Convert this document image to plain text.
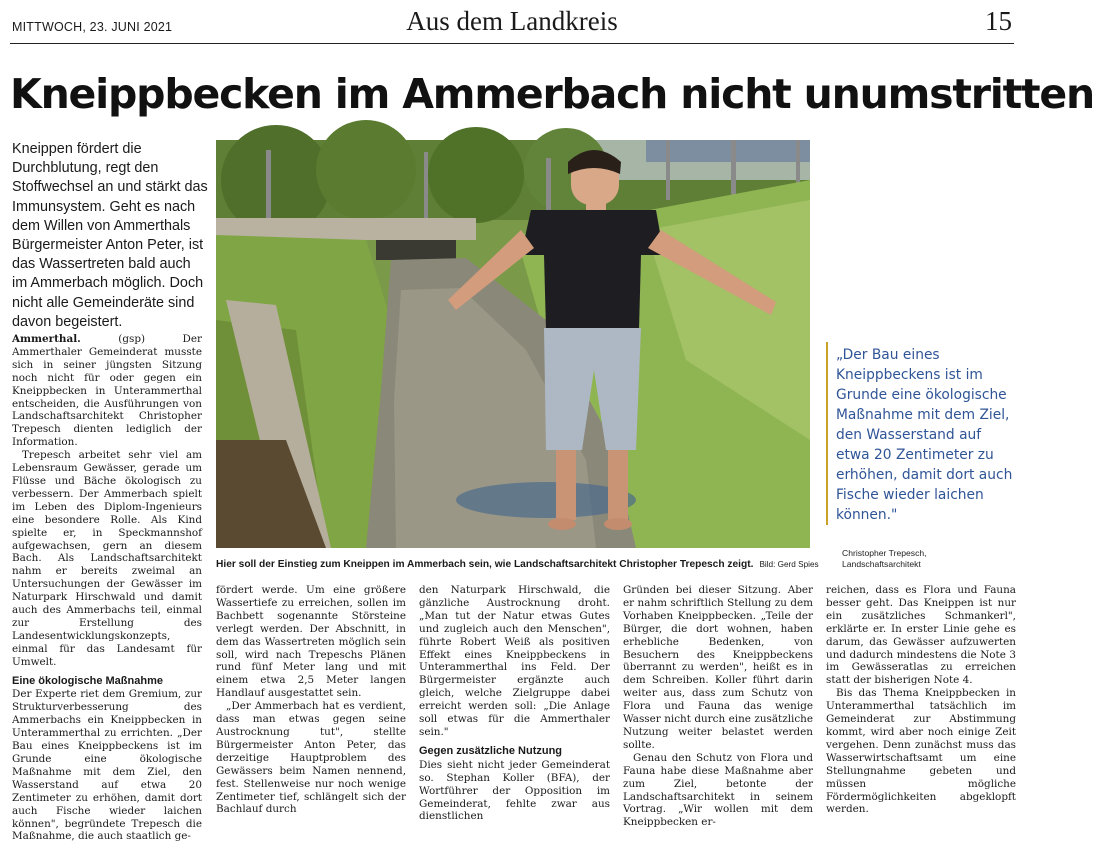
MITTWOCH, 23. JUNI 2021	Aus dem Landkreis	15
Kneippbecken im Ammerbach nicht unumstritten
Kneippen fördert die Durchblutung, regt den Stoffwechsel an und stärkt das Immunsystem. Geht es nach dem Willen von Ammerthals Bürgermeister Anton Peter, ist das Wassertreten bald auch im Ammerbach möglich. Doch nicht alle Gemeinderäte sind davon begeistert.
Hier soll der Einstieg zum Kneippen im Ammerbach sein, wie Landschaftsarchitekt Christopher Trepesch zeigt. Bild: Gerd Spies
„Der Bau eines Kneippbeckens ist im Grunde eine ökologische Maßnahme mit dem Ziel, den Wasserstand auf etwa 20 Zentimeter zu erhöhen, damit dort auch Fische wieder laichen können."
Christopher Trepesch,
Landschaftsarchitekt

Ammerthal.	(gsp) Der Ammerthaler Gemeinderat musste sich in seiner jüngsten Sitzung noch nicht für oder gegen ein Kneippbecken in Unterammerthal entscheiden, die Ausführungen von Landschaftsarchitekt Christopher Trepesch dienten lediglich der Information.

Trepesch arbeitet sehr viel am Lebensraum Gewässer, gerade um Flüsse und Bäche ökologisch zu verbessern. Der Ammerbach spielt im Leben des Diplom-Ingenieurs eine besondere Rolle. Als Kind spielte er, in Speckmannshof aufgewachsen, gern an diesem Bach. Als Landschaftsarchitekt nahm er bereits zweimal an Untersuchungen der Gewässer im Naturpark Hirschwald und damit auch des Ammerbachs teil, einmal zur Erstellung des Landesentwicklungskonzepts, einmal für das Landesamt für Umwelt.

Eine ökologische Maßnahme

Der Experte riet dem Gremium, zur Strukturverbesserung des Ammerbachs ein Kneippbecken in Unterammerthal zu errichten. „Der Bau eines Kneippbeckens ist im Grunde eine ökologische Maßnahme mit dem Ziel, den Wasserstand auf etwa 20 Zentimeter zu erhöhen, damit dort auch Fische wieder laichen können", begründete Trepesch die Maßnahme, die auch staatlich ge-

fördert werde. Um eine größere Wassertiefe zu erreichen, sollen im Bachbett sogenannte Störsteine verlegt werden. Der Abschnitt, in dem das Wassertreten möglich sein soll, wird nach Trepeschs Plänen rund fünf Meter lang und mit einem etwa 2,5 Meter langen Handlauf ausgestattet sein.

„Der Ammerbach hat es verdient, dass man etwas gegen seine Austrocknung tut", stellte Bürgermeister Anton Peter, das derzeitige Hauptproblem des Gewässers beim Namen nennend, fest. Stellenweise nur noch wenige Zentimeter tief, schlängelt sich der Bachlauf durch

den Naturpark Hirschwald, die gänzliche Austrocknung droht. „Man tut der Natur etwas Gutes und zugleich auch den Menschen", führte Robert Weiß als positiven Effekt eines Kneippbeckens in Unterammerthal ins Feld. Der Bürgermeister ergänzte auch gleich, welche Zielgruppe dabei erreicht werden soll: „Die Anlage soll etwas für die Ammerthaler sein."

Gegen zusätzliche Nutzung

Dies sieht nicht jeder Gemeinderat so. Stephan Koller (BFA), der Wortführer der Opposition im Gemeinderat, fehlte zwar aus dienstlichen

Gründen bei dieser Sitzung. Aber er nahm schriftlich Stellung zu dem Vorhaben Kneippbecken. „Teile der Bürger, die dort wohnen, haben erhebliche Bedenken, von Besuchern des Kneippbeckens überrannt zu werden", heißt es in dem Schreiben. Koller führt darin weiter aus, dass zum Schutz von Flora und Fauna das wenige Wasser nicht durch eine zusätzliche Nutzung weiter belastet werden sollte.

Genau den Schutz von Flora und Fauna habe diese Maßnahme aber zum Ziel, betonte der Landschaftsarchitekt in seinem Vortrag. „Wir wollen mit dem Kneippbecken er-

reichen, dass es Flora und Fauna besser geht. Das Kneippen ist nur ein zusätzliches Schmankerl", erklärte er. In erster Linie gehe es darum, das Gewässer aufzuwerten und dadurch mindestens die Note 3 im Gewässeratlas zu erreichen statt der bisherigen Note 4.

Bis das Thema Kneippbecken in Unterammerthal tatsächlich im Gemeinderat zur Abstimmung kommt, wird aber noch einige Zeit vergehen. Denn zunächst muss das Wasserwirtschaftsamt um eine Stellungnahme gebeten und müssen mögliche Fördermöglichkeiten abgeklopft werden.
